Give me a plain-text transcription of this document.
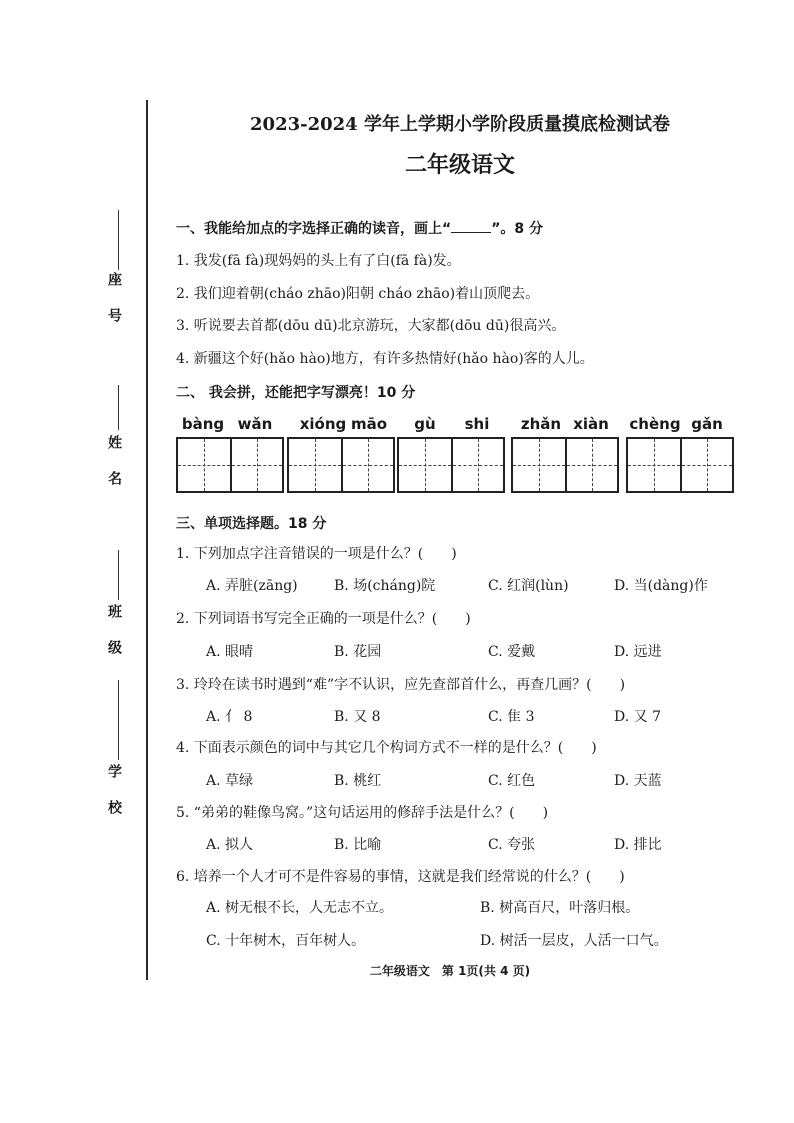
座号
姓名
班级
学校
2023-2024 学年上学期小学阶段质量摸底检测试卷
二年级语文
一、我能给加点的字选择正确的读音，画上“	”。8 分
1. 我发(fā fà)现妈妈的头上有了白(fā fà)发。
2. 我们迎着朝(cháo zhāo)阳朝 cháo zhāo)着山顶爬去。
3. 听说要去首都(dōu dū)北京游玩，大家都(dōu dū)很高兴。
4. 新疆这个好(hǎo hào)地方，有许多热情好(hǎo hào)客的人儿。
二、 我会拼，还能把字写漂亮！10 分
bàng wǎn	xióng māo	gù	shi	zhǎn xiàn	chèng gǎn
三、单项选择题。18 分
1. 下列加点字注音错误的一项是什么？(　　)
A. 弄脏(zāng)	B. 场(cháng)院	C. 红润(lùn)	D. 当(dàng)作
2. 下列词语书写完全正确的一项是什么？(　　)
A. 眼晴	B. 花园	C. 爱戴	D. 远进
3. 玲玲在读书时遇到“难”字不认识，应先查部首什么，再查几画？(　　)
A. 亻 8	B. 又 8	C. 隹 3	D. 又 7
4. 下面表示颜色的词中与其它几个构词方式不一样的是什么？(　　)
A. 草绿	B. 桃红	C. 红色	D. 天蓝
5. “弟弟的鞋像鸟窝。”这句话运用的修辞手法是什么？(　　)
A. 拟人	B. 比喻	C. 夸张	D. 排比
6. 培养一个人才可不是件容易的事情，这就是我们经常说的什么？(　　)
A. 树无根不长，人无志不立。	B. 树高百尺，叶落归根。
C. 十年树木，百年树人。	D. 树活一层皮，人活一口气。
二年级语文　第 1页(共 4 页)
